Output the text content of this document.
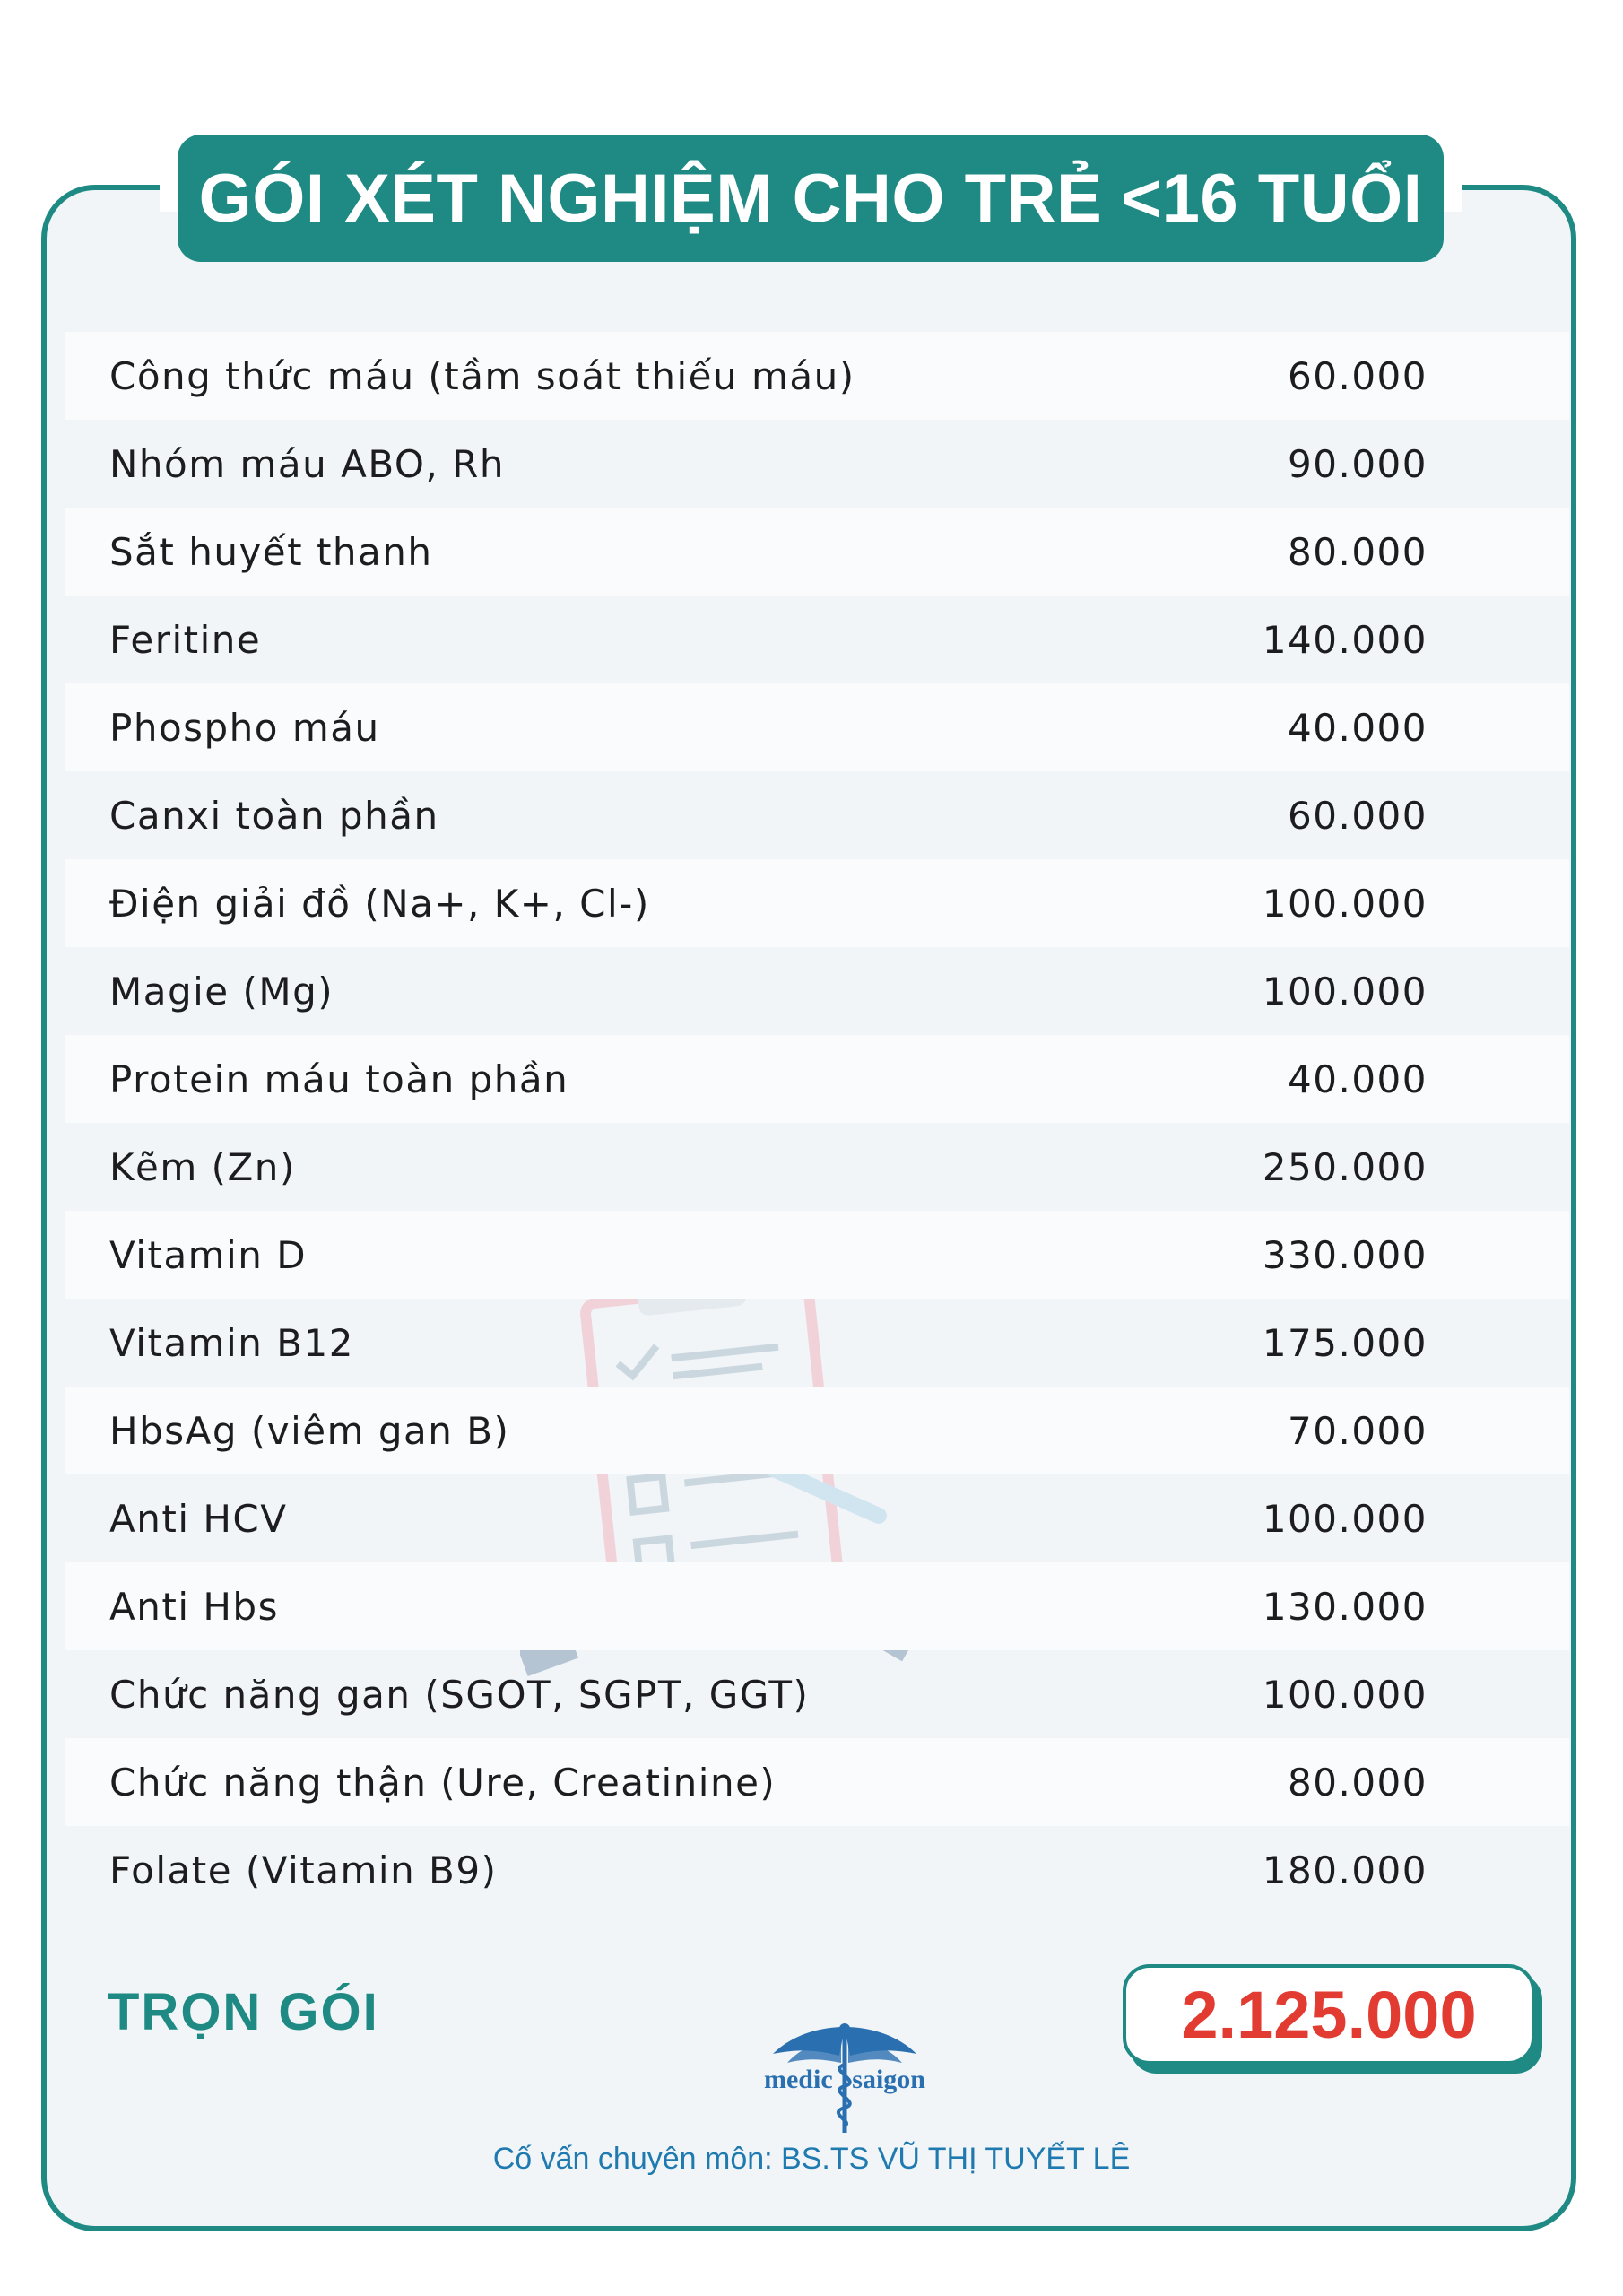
GÓI XÉT NGHIỆM CHO TRẺ <16 TUỔI
Công thức máu (tầm soát thiếu máu)	60.000
Nhóm máu ABO, Rh	90.000
Sắt huyết thanh	80.000
Feritine	140.000
Phospho máu	40.000
Canxi toàn phần	60.000
Điện giải đồ (Na+, K+, Cl-)	100.000
Magie (Mg)	100.000
Protein máu toàn phần	40.000
Kẽm (Zn)	250.000
Vitamin D	330.000
Vitamin B12	175.000
HbsAg (viêm gan B)	70.000
Anti HCV	100.000
Anti Hbs	130.000
Chức năng gan (SGOT, SGPT, GGT)	100.000
Chức năng thận (Ure, Creatinine)	80.000
Folate (Vitamin B9)	180.000
TRỌN GÓI	2.125.000
medic saigon
Cố vấn chuyên môn: BS.TS VŨ THỊ TUYẾT LÊ
